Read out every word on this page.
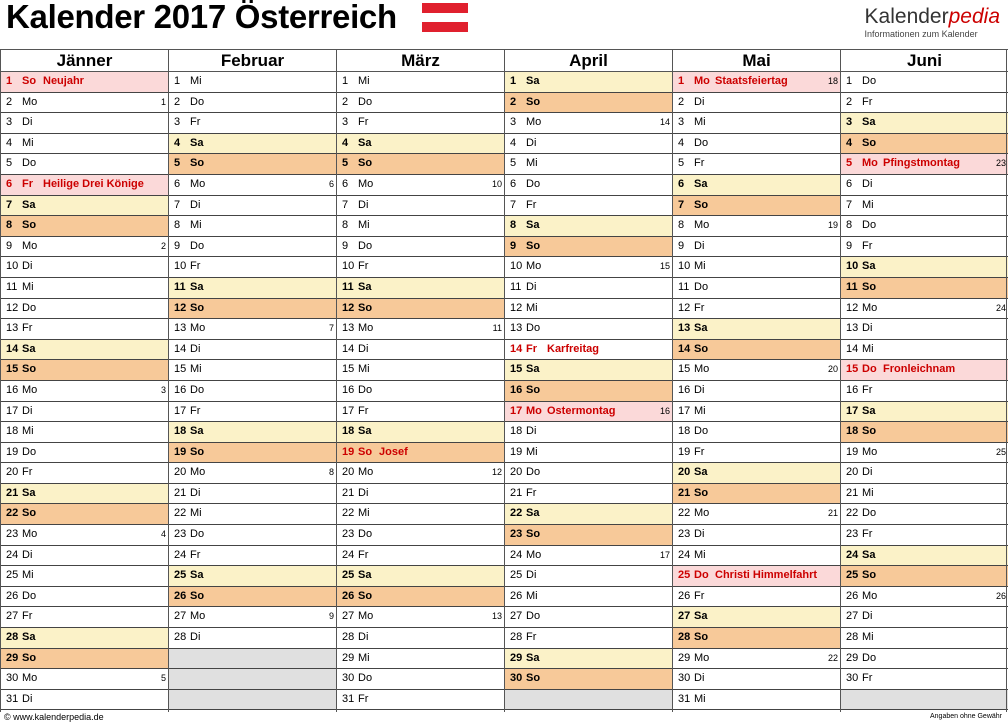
Kalender 2017 Österreich	Kalenderpedia
Informationen zum Kalender
Jänner
1 So Neujahr
2 Mo	1
3 Di
4 Mi
5 Do
6 Fr Heilige Drei Könige
7 Sa
8 So
9 Mo	2
10 Di
11 Mi
12 Do
13 Fr
14 Sa
15 So
16 Mo	3
17 Di
18 Mi
19 Do
20 Fr
21 Sa
22 So
23 Mo	4
24 Di
25 Mi
26 Do
27 Fr
28 Sa
29 So
30 Mo	5
31 Di
Februar
1 Mi
2 Do
3 Fr
4 Sa
5 So
6 Mo	6
7 Di
8 Mi
9 Do
10 Fr
11 Sa
12 So
13 Mo	7
14 Di
15 Mi
16 Do
17 Fr
18 Sa
19 So
20 Mo	8
21 Di
22 Mi
23 Do
24 Fr
25 Sa
26 So
27 Mo	9
28 Di
März
1 Mi
2 Do
3 Fr
4 Sa
5 So
6 Mo	10
7 Di
8 Mi
9 Do
10 Fr
11 Sa
12 So
13 Mo	11
14 Di
15 Mi
16 Do
17 Fr
18 Sa
19 So Josef
20 Mo	12
21 Di
22 Mi
23 Do
24 Fr
25 Sa
26 So
27 Mo	13
28 Di
29 Mi
30 Do
31 Fr
April
1 Sa
2 So
3 Mo	14
4 Di
5 Mi
6 Do
7 Fr
8 Sa
9 So
10 Mo	15
11 Di
12 Mi
13 Do
14 Fr Karfreitag
15 Sa
16 So
17 Mo Ostermontag	16
18 Di
19 Mi
20 Do
21 Fr
22 Sa
23 So
24 Mo	17
25 Di
26 Mi
27 Do
28 Fr
29 Sa
30 So
Mai
1 Mo Staatsfeiertag	18
2 Di
3 Mi
4 Do
5 Fr
6 Sa
7 So
8 Mo	19
9 Di
10 Mi
11 Do
12 Fr
13 Sa
14 So
15 Mo	20
16 Di
17 Mi
18 Do
19 Fr
20 Sa
21 So
22 Mo	21
23 Di
24 Mi
25 Do Christi Himmelfahrt
26 Fr
27 Sa
28 So
29 Mo	22
30 Di
31 Mi
Juni
1 Do
2 Fr
3 Sa
4 So
5 Mo Pfingstmontag	23
6 Di
7 Mi
8 Do
9 Fr
10 Sa
11 So
12 Mo	24
13 Di
14 Mi
15 Do Fronleichnam
16 Fr
17 Sa
18 So
19 Mo	25
20 Di
21 Mi
22 Do
23 Fr
24 Sa
25 So
26 Mo	26
27 Di
28 Mi
29 Do
30 Fr
© www.kalenderpedia.de	Angaben ohne Gewähr
